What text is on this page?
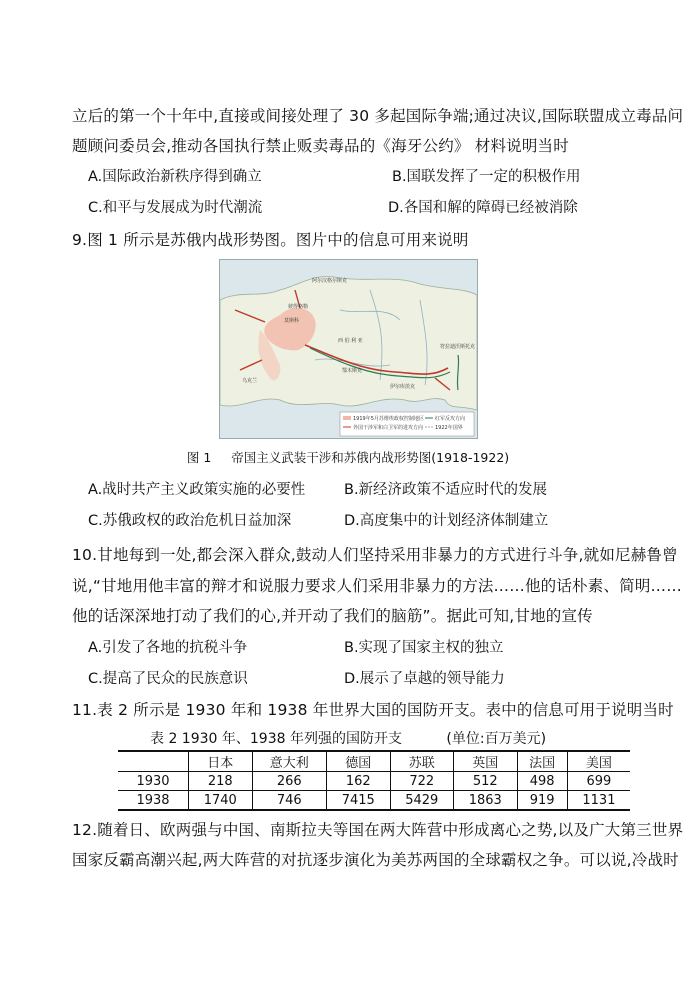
立后的第一个十年中,直接或间接处理了 30 多起国际争端;通过决议,国际联盟成立毒品问
题顾问委员会,推动各国执行禁止贩卖毒品的《海牙公约》 材料说明当时
A.国际政治新秩序得到确立	B.国联发挥了一定的积极作用
C.和平与发展成为时代潮流	D.各国和解的障碍已经被消除
9.图 1 所示是苏俄内战形势图。图片中的信息可用来说明
彼得格勒
莫斯科
乌克兰
西 伯 利 亚
阿尔汉格尔斯克
鄂木斯克
伊尔库茨克
符拉迪沃斯托克
1919年5月苏维埃政权控制地区
外国干涉军和白卫军的进攻方向
红军反攻方向
1922年国界
图 1 帝国主义武装干涉和苏俄内战形势图(1918-1922)
A.战时共产主义政策实施的必要性	B.新经济政策不适应时代的发展
C.苏俄政权的政治危机日益加深	D.高度集中的计划经济体制建立
10.甘地每到一处,都会深入群众,鼓动人们坚持采用非暴力的方式进行斗争,就如尼赫鲁曾
说,“甘地用他丰富的辩才和说服力要求人们采用非暴力的方法……他的话朴素、简明……
他的话深深地打动了我们的心,并开动了我们的脑筋”。据此可知,甘地的宣传
A.引发了各地的抗税斗争	B.实现了国家主权的独立
C.提高了民众的民族意识	D.展示了卓越的领导能力
11.表 2 所示是 1930 年和 1938 年世界大国的国防开支。表中的信息可用于说明当时
表 2 1930 年、1938 年列强的国防开支	(单位:百万美元)
	日本	意大利	德国	苏联	英国	法国	美国
1930	218	266	162	722	512	498	699
1938	1740	746	7415	5429	1863	919	1131
12.随着日、欧两强与中国、南斯拉夫等国在两大阵营中形成离心之势,以及广大第三世界
国家反霸高潮兴起,两大阵营的对抗逐步演化为美苏两国的全球霸权之争。可以说,冷战时
